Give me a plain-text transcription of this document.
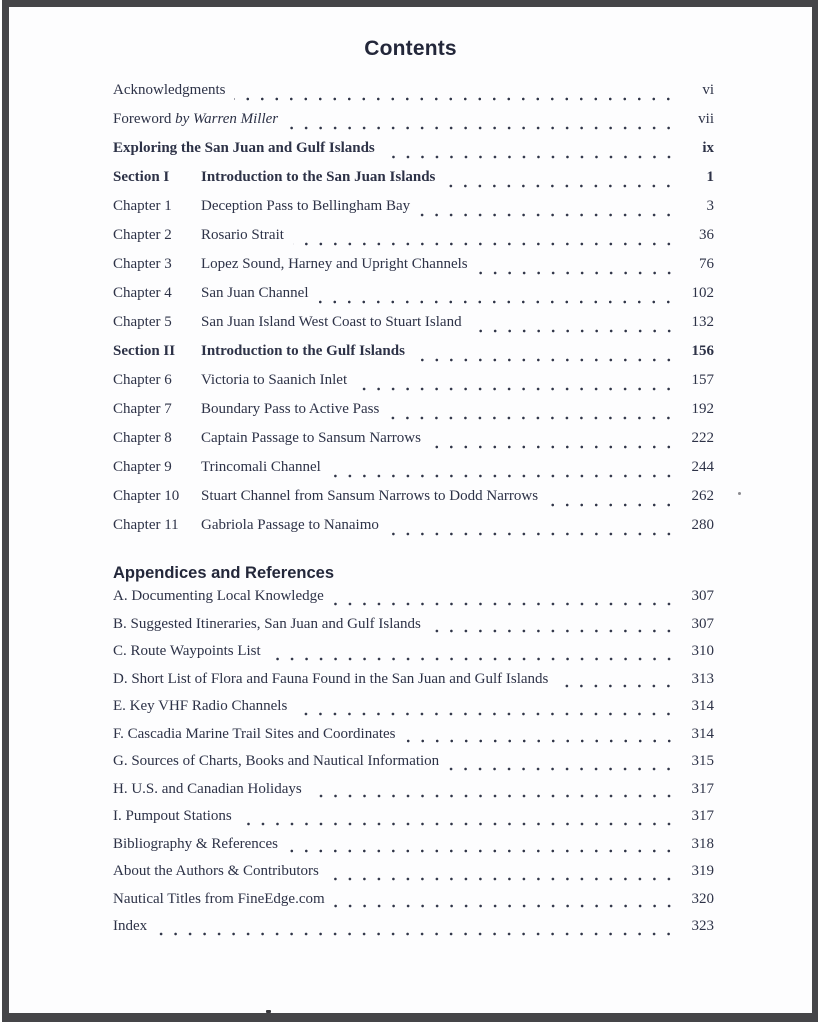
Contents
Acknowledgments	vi
Foreword by Warren Miller	vii
Exploring the San Juan and Gulf Islands	ix
Section I	Introduction to the San Juan Islands	1
Chapter 1	Deception Pass to Bellingham Bay	3
Chapter 2	Rosario Strait	36
Chapter 3	Lopez Sound, Harney and Upright Channels	76
Chapter 4	San Juan Channel	102
Chapter 5	San Juan Island West Coast to Stuart Island	132
Section II	Introduction to the Gulf Islands	156
Chapter 6	Victoria to Saanich Inlet	157
Chapter 7	Boundary Pass to Active Pass	192
Chapter 8	Captain Passage to Sansum Narrows	222
Chapter 9	Trincomali Channel	244
Chapter 10	Stuart Channel from Sansum Narrows to Dodd Narrows	262
Chapter 11	Gabriola Passage to Nanaimo	280
Appendices and References
A. Documenting Local Knowledge	307
B. Suggested Itineraries, San Juan and Gulf Islands	307
C. Route Waypoints List	310
D. Short List of Flora and Fauna Found in the San Juan and Gulf Islands	313
E. Key VHF Radio Channels	314
F. Cascadia Marine Trail Sites and Coordinates	314
G. Sources of Charts, Books and Nautical Information	315
H. U.S. and Canadian Holidays	317
I. Pumpout Stations	317
Bibliography & References	318
About the Authors & Contributors	319
Nautical Titles from FineEdge.com	320
Index	323
